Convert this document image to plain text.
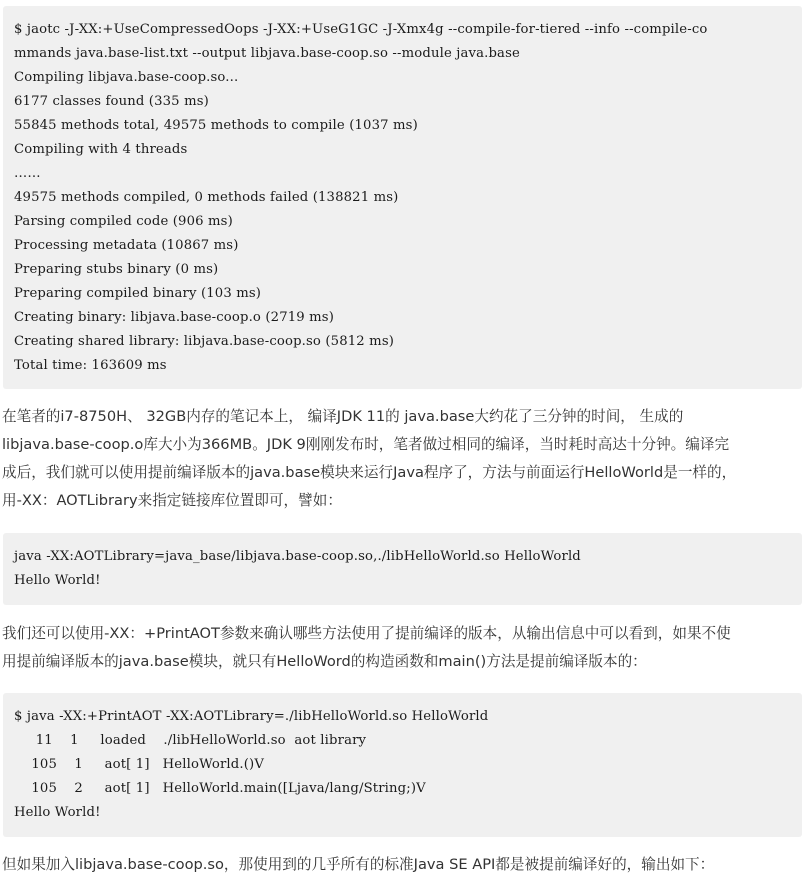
$ jaotc -J-XX:+UseCompressedOops -J-XX:+UseG1GC -J-Xmx4g --compile-for-tiered --info --compile-co
mmands java.base-list.txt --output libjava.base-coop.so --module java.base
Compiling libjava.base-coop.so...
6177 classes found (335 ms)
55845 methods total, 49575 methods to compile (1037 ms)
Compiling with 4 threads
……
49575 methods compiled, 0 methods failed (138821 ms)
Parsing compiled code (906 ms)
Processing metadata (10867 ms)
Preparing stubs binary (0 ms)
Preparing compiled binary (103 ms)
Creating binary: libjava.base-coop.o (2719 ms)
Creating shared library: libjava.base-coop.so (5812 ms)
Total time: 163609 ms
在笔者的i7-8750H、 32GB内存的笔记本上， 编译JDK 11的 java.base大约花了三分钟的时间， 生成的
libjava.base-coop.o库大小为366MB。JDK 9刚刚发布时，笔者做过相同的编译，当时耗时高达十分钟。编译完
成后，我们就可以使用提前编译版本的java.base模块来运行Java程序了，方法与前面运行HelloWorld是一样的，
用-XX：AOTLibrary来指定链接库位置即可，譬如：
java -XX:AOTLibrary=java_base/libjava.base-coop.so,./libHelloWorld.so HelloWorld
Hello World!
我们还可以使用-XX：+PrintAOT参数来确认哪些方法使用了提前编译的版本，从输出信息中可以看到，如果不使
用提前编译版本的java.base模块，就只有HelloWord的构造函数和main()方法是提前编译版本的：
$ java -XX:+PrintAOT -XX:AOTLibrary=./libHelloWorld.so HelloWorld
11    1     loaded    ./libHelloWorld.so  aot library
105    1     aot[ 1]   HelloWorld.()V
105    2     aot[ 1]   HelloWorld.main([Ljava/lang/String;)V
Hello World!
但如果加入libjava.base-coop.so，那使用到的几乎所有的标准Java SE API都是被提前编译好的，输出如下：
